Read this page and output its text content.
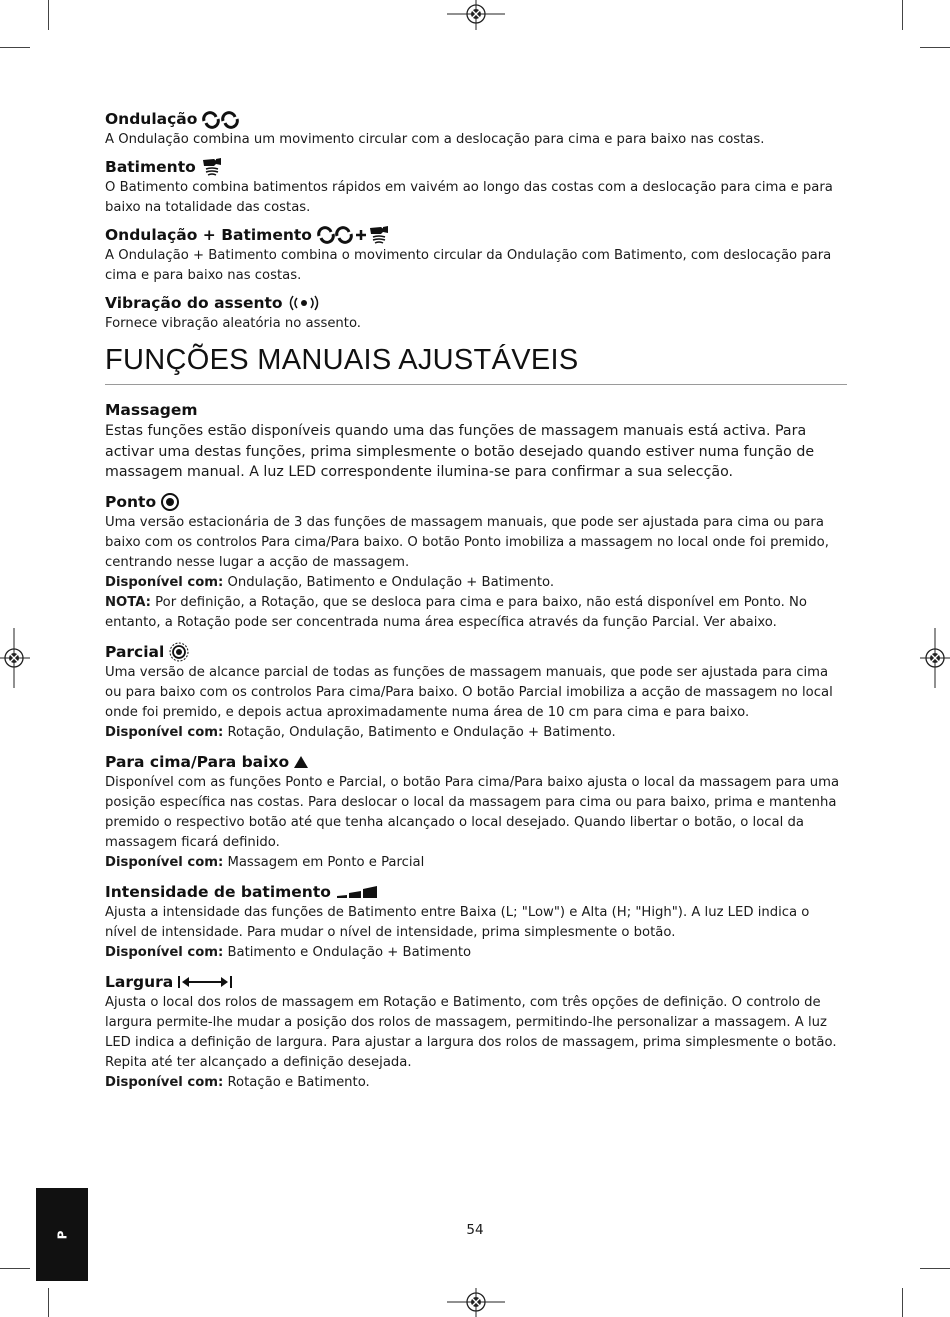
Ondulação

A Ondulação combina um movimento circular com a deslocação para cima e para baixo nas costas.

Batimento

O Batimento combina batimentos rápidos em vaivém ao longo das costas com a deslocação para cima e para baixo na totalidade das costas.

Ondulação + Batimento

A Ondulação + Batimento combina o movimento circular da Ondulação com Batimento, com deslocação para cima e para baixo nas costas.

Vibração do assento

Fornece vibração aleatória no assento.

FUNÇÕES MANUAIS AJUSTÁVEIS
Massagem

Estas funções estão disponíveis quando uma das funções de massagem manuais está activa. Para activar uma destas funções, prima simplesmente o botão desejado quando estiver numa função de massagem manual. A luz LED correspondente ilumina-se para confirmar a sua selecção.

Ponto

Uma versão estacionária de 3 das funções de massagem manuais, que pode ser ajustada para cima ou para baixo com os controlos Para cima/Para baixo. O botão Ponto imobiliza a massagem no local onde foi premido, centrando nesse lugar a acção de massagem.

Disponível com: Ondulação, Batimento e Ondulação + Batimento.

NOTA: Por definição, a Rotação, que se desloca para cima e para baixo, não está disponível em Ponto. No entanto, a Rotação pode ser concentrada numa área específica através da função Parcial. Ver abaixo.

Parcial

Uma versão de alcance parcial de todas as funções de massagem manuais, que pode ser ajustada para cima ou para baixo com os controlos Para cima/Para baixo. O botão Parcial imobiliza a acção de massagem no local onde foi premido, e depois actua aproximadamente numa área de 10 cm para cima e para baixo.

Disponível com: Rotação, Ondulação, Batimento e Ondulação + Batimento.

Para cima/Para baixo

Disponível com as funções Ponto e Parcial, o botão Para cima/Para baixo ajusta o local da massagem para uma posição específica nas costas. Para deslocar o local da massagem para cima ou para baixo, prima e mantenha premido o respectivo botão até que tenha alcançado o local desejado. Quando libertar o botão, o local da massagem ficará definido.

Disponível com: Massagem em Ponto e Parcial

Intensidade de batimento

Ajusta a intensidade das funções de Batimento entre Baixa (L; "Low") e Alta (H; "High"). A luz LED indica o nível de intensidade. Para mudar o nível de intensidade, prima simplesmente o botão.

Disponível com: Batimento e Ondulação + Batimento

Largura

Ajusta o local dos rolos de massagem em Rotação e Batimento, com três opções de definição. O controlo de largura permite-lhe mudar a posição dos rolos de massagem, permitindo-lhe personalizar a massagem. A luz LED indica a definição de largura. Para ajustar a largura dos rolos de massagem, prima simplesmente o botão. Repita até ter alcançado a definição desejada.

Disponível com: Rotação e Batimento.

P	54
